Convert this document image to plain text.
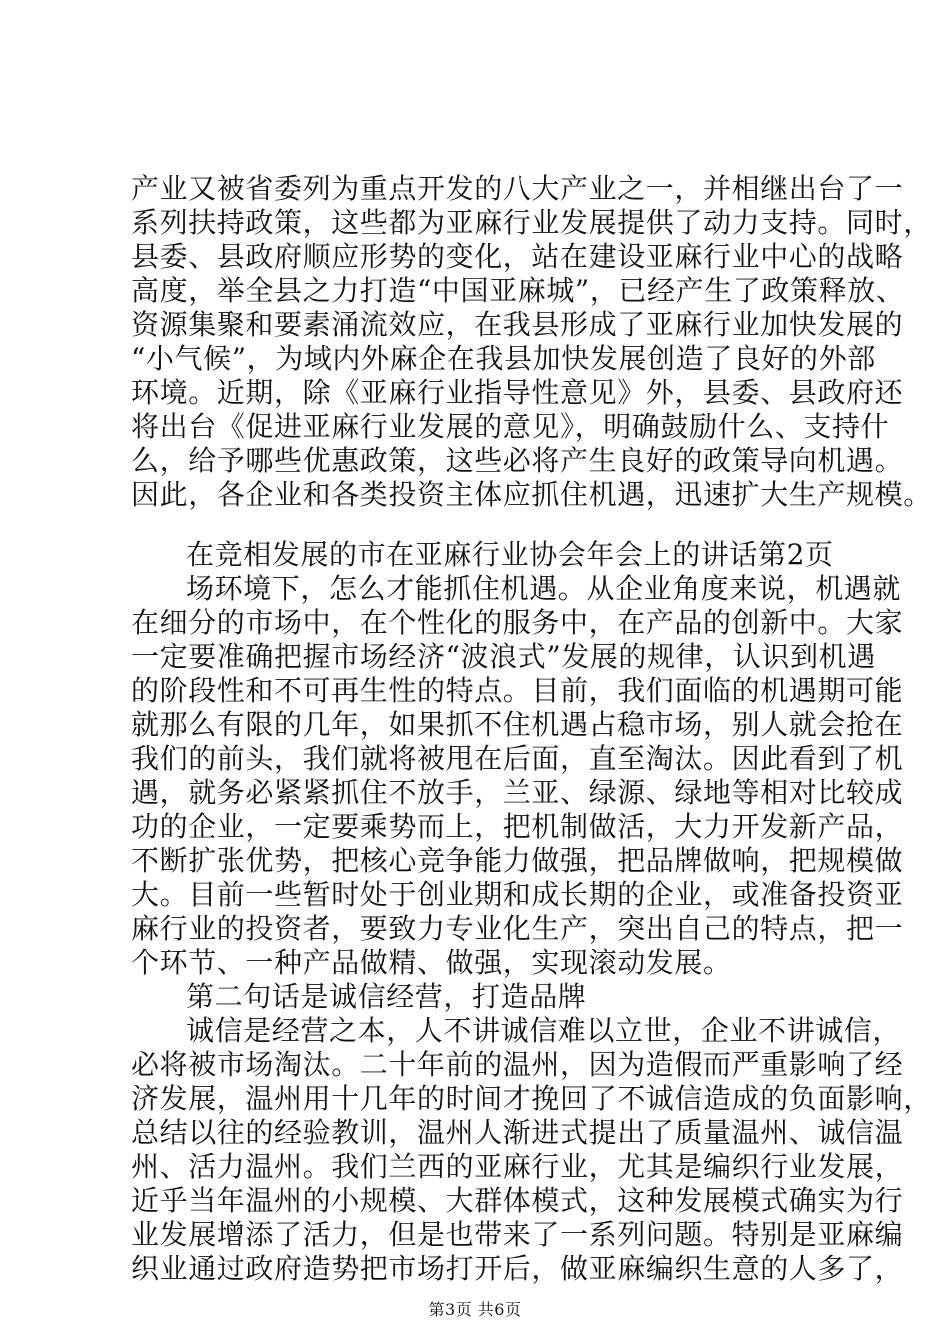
产业又被省委列为重点开发的八大产业之一，并相继出台了一
系列扶持政策，这些都为亚麻行业发展提供了动力支持。同时，
县委、县政府顺应形势的变化，站在建设亚麻行业中心的战略
高度，举全县之力打造“中国亚麻城”，已经产生了政策释放、
资源集聚和要素涌流效应，在我县形成了亚麻行业加快发展的
“小气候”，为域内外麻企在我县加快发展创造了良好的外部
环境。近期，除《亚麻行业指导性意见》外，县委、县政府还
将出台《促进亚麻行业发展的意见》，明确鼓励什么、支持什
么，给予哪些优惠政策，这些必将产生良好的政策导向机遇。
因此，各企业和各类投资主体应抓住机遇，迅速扩大生产规模。
在竞相发展的市在亚麻行业协会年会上的讲话第2页
场环境下，怎么才能抓住机遇。从企业角度来说，机遇就
在细分的市场中，在个性化的服务中，在产品的创新中。大家
一定要准确把握市场经济“波浪式”发展的规律，认识到机遇
的阶段性和不可再生性的特点。目前，我们面临的机遇期可能
就那么有限的几年，如果抓不住机遇占稳市场，别人就会抢在
我们的前头，我们就将被甩在后面，直至淘汰。因此看到了机
遇，就务必紧紧抓住不放手，兰亚、绿源、绿地等相对比较成
功的企业，一定要乘势而上，把机制做活，大力开发新产品，
不断扩张优势，把核心竞争能力做强，把品牌做响，把规模做
大。目前一些暂时处于创业期和成长期的企业，或准备投资亚
麻行业的投资者，要致力专业化生产，突出自己的特点，把一
个环节、一种产品做精、做强，实现滚动发展。
第二句话是诚信经营，打造品牌
诚信是经营之本，人不讲诚信难以立世，企业不讲诚信，
必将被市场淘汰。二十年前的温州，因为造假而严重影响了经
济发展，温州用十几年的时间才挽回了不诚信造成的负面影响，
总结以往的经验教训，温州人渐进式提出了质量温州、诚信温
州、活力温州。我们兰西的亚麻行业，尤其是编织行业发展，
近乎当年温州的小规模、大群体模式，这种发展模式确实为行
业发展增添了活力，但是也带来了一系列问题。特别是亚麻编
织业通过政府造势把市场打开后，做亚麻编织生意的人多了，
第3页 共6页
